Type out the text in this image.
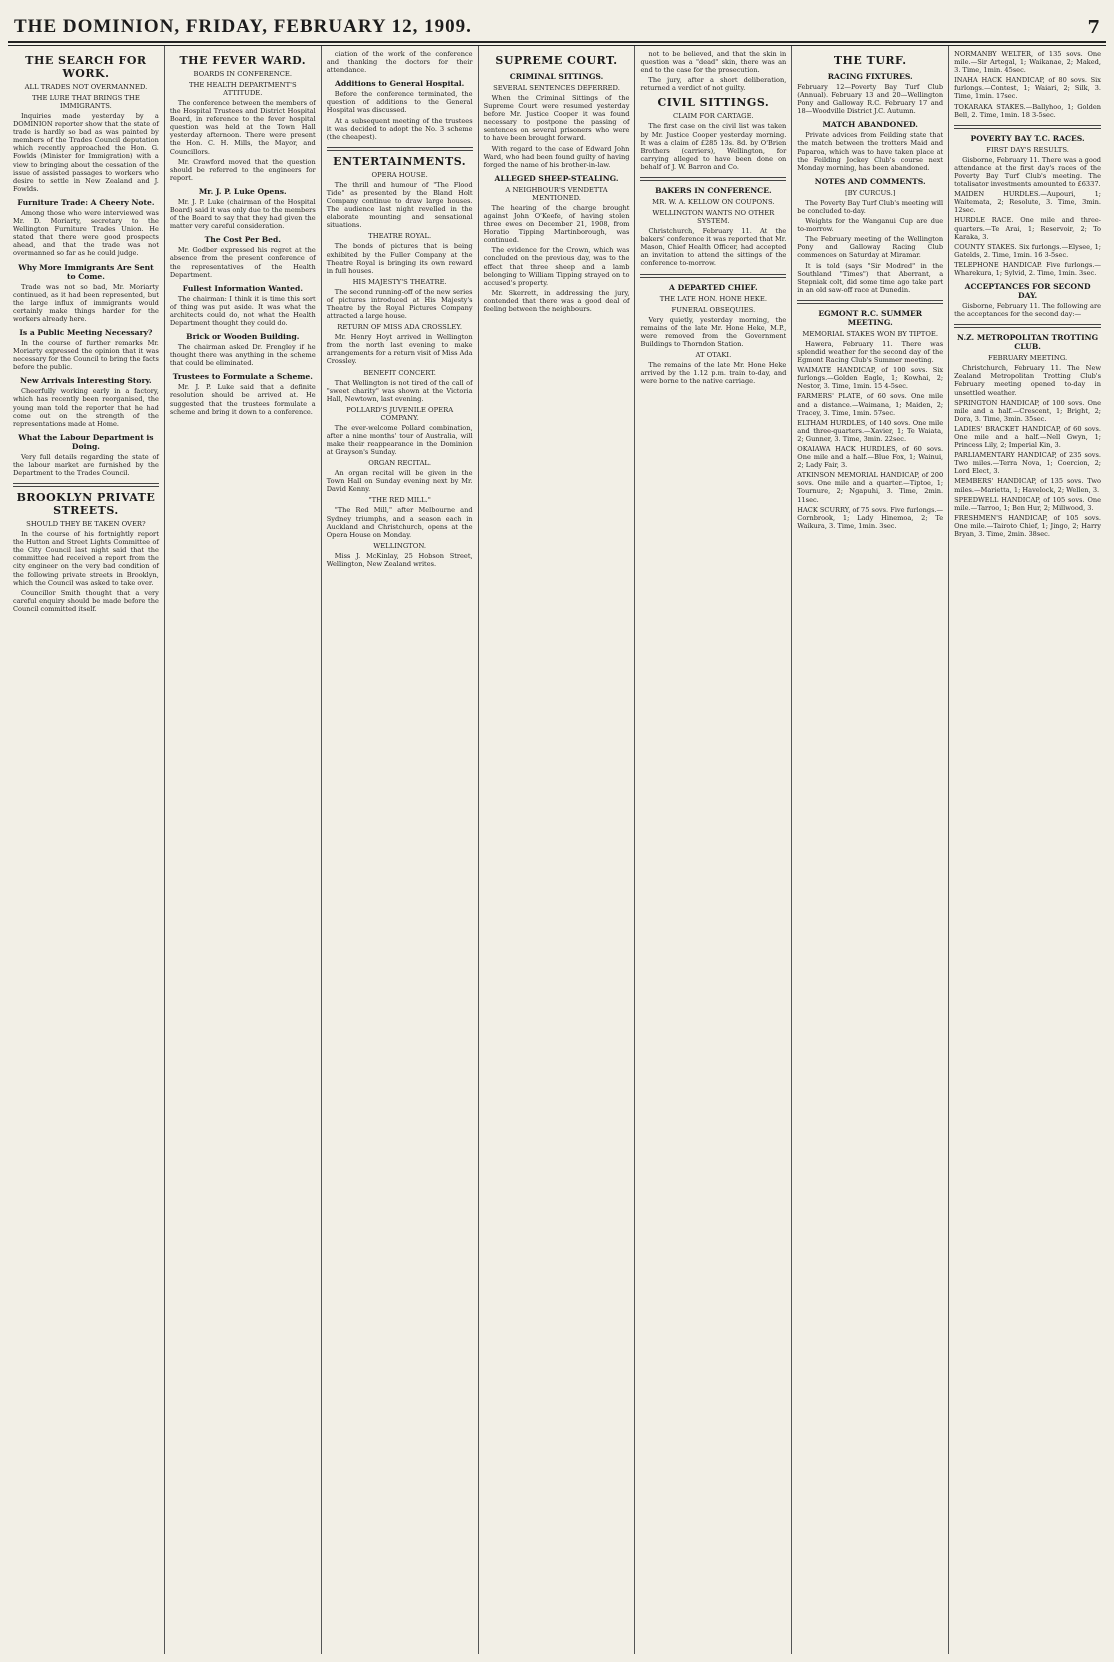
THE DOMINION, FRIDAY, FEBRUARY 12, 1909.	7
THE SEARCH FOR WORK.
ALL TRADES NOT OVERMANNED.
THE LURE THAT BRINGS THE IMMIGRANTS.

Inquiries made yesterday by a DOMINION reporter show that the state of trade is hardly so bad as was painted by members of the Trades Council deputation which recently approached the Hon. G. Fowlds (Minister for Immigration) with a view to bringing about the cessation of the issue of assisted passages to workers who desire to settle in New Zealand and J. Fowlds.

Furniture Trade: A Cheery Note.

Among those who were interviewed was Mr. D. Moriarty, secretary to the Wellington Furniture Trades Union. He stated that there were good prospects ahead, and that the trade was not overmanned so far as he could judge.

Why More Immigrants Are Sent to Come.

Trade was not so bad, Mr. Moriarty continued, as it had been represented, but the large influx of immigrants would certainly make things harder for the workers already here.

Is a Public Meeting Necessary?

In the course of further remarks Mr. Moriarty expressed the opinion that it was necessary for the Council to bring the facts before the public.

New Arrivals Interesting Story.

Cheerfully working early in a factory, which has recently been reorganised, the young man told the reporter that he had come out on the strength of the representations made at Home.

What the Labour Department is Doing.

Very full details regarding the state of the labour market are furnished by the Department to the Trades Council.

BROOKLYN PRIVATE STREETS.
SHOULD THEY BE TAKEN OVER?

In the course of his fortnightly report the Hutton and Street Lights Committee of the City Council last night said that the committee had received a report from the city engineer on the very bad condition of the following private streets in Brooklyn, which the Council was asked to take over.

Councillor Smith thought that a very careful enquiry should be made before the Council committed itself.

THE FEVER WARD.
BOARDS IN CONFERENCE.
THE HEALTH DEPARTMENT'S ATTITUDE.

The conference between the members of the Hospital Trustees and District Hospital Board, in reference to the fever hospital question was held at the Town Hall yesterday afternoon. There were present the Hon. C. H. Mills, the Mayor, and Councillors.

Mr. Crawford moved that the question should be referred to the engineers for report.

Mr. J. P. Luke Opens.

Mr. J. P. Luke (chairman of the Hospital Board) said it was only due to the members of the Board to say that they had given the matter very careful consideration.

The Cost Per Bed.

Mr. Godber expressed his regret at the absence from the present conference of the representatives of the Health Department.

Fullest Information Wanted.

The chairman: I think it is time this sort of thing was put aside. It was what the architects could do, not what the Health Department thought they could do.

Brick or Wooden Building.

The chairman asked Dr. Frengley if he thought there was anything in the scheme that could be eliminated.

Trustees to Formulate a Scheme.

Mr. J. P. Luke said that a definite resolution should be arrived at. He suggested that the trustees formulate a scheme and bring it down to a conference.

ciation of the work of the conference and thanking the doctors for their attendance.

Additions to General Hospital.

Before the conference terminated, the question of additions to the General Hospital was discussed.

At a subsequent meeting of the trustees it was decided to adopt the No. 3 scheme (the cheapest).

ENTERTAINMENTS.
OPERA HOUSE.

The thrill and humour of "The Flood Tide" as presented by the Bland Holt Company continue to draw large houses. The audience last night revelled in the elaborate mounting and sensational situations.

THEATRE ROYAL.

The bonds of pictures that is being exhibited by the Fuller Company at the Theatre Royal is bringing its own reward in full houses.

HIS MAJESTY'S THEATRE.

The second running-off of the new series of pictures introduced at His Majesty's Theatre by the Royal Pictures Company attracted a large house.

RETURN OF MISS ADA CROSSLEY.

Mr. Henry Hoyt arrived in Wellington from the north last evening to make arrangements for a return visit of Miss Ada Crossley.

BENEFIT CONCERT.

That Wellington is not tired of the call of "sweet charity" was shown at the Victoria Hall, Newtown, last evening.

POLLARD'S JUVENILE OPERA COMPANY.

The ever-welcome Pollard combination, after a nine months' tour of Australia, will make their reappearance in the Dominion at Grayson's Sunday.

ORGAN RECITAL.

An organ recital will be given in the Town Hall on Sunday evening next by Mr. David Kenny.

"THE RED MILL."

"The Red Mill," after Melbourne and Sydney triumphs, and a season each in Auckland and Christchurch, opens at the Opera House on Monday.

WELLINGTON.

Miss J. McKinlay, 25 Hobson Street, Wellington, New Zealand writes.

SUPREME COURT.
CRIMINAL SITTINGS.
SEVERAL SENTENCES DEFERRED.

When the Criminal Sittings of the Supreme Court were resumed yesterday before Mr. Justice Cooper it was found necessary to postpone the passing of sentences on several prisoners who were to have been brought forward.

With regard to the case of Edward John Ward, who had been found guilty of having forged the name of his brother-in-law.

ALLEGED SHEEP-STEALING.
A NEIGHBOUR'S VENDETTA MENTIONED.

The hearing of the charge brought against John O'Keefe, of having stolen three ewes on December 21, 1908, from Horatio Tipping Martinborough, was continued.

The evidence for the Crown, which was concluded on the previous day, was to the effect that three sheep and a lamb belonging to William Tipping strayed on to accused's property.

Mr. Skerrett, in addressing the jury, contended that there was a good deal of feeling between the neighbours.

not to be believed, and that the skin in question was a "dead" skin, there was an end to the case for the prosecution.

The jury, after a short deliberation, returned a verdict of not guilty.

CIVIL SITTINGS.
CLAIM FOR CARTAGE.

The first case on the civil list was taken by Mr. Justice Cooper yesterday morning. It was a claim of £285 13s. 8d. by O'Brien Brothers (carriers), Wellington, for carrying alleged to have been done on behalf of J. W. Barron and Co.

BAKERS IN CONFERENCE.
MR. W. A. KELLOW ON COUPONS.
WELLINGTON WANTS NO OTHER SYSTEM.

Christchurch, February 11. At the bakers' conference it was reported that Mr. Mason, Chief Health Officer, had accepted an invitation to attend the sittings of the conference to-morrow.

A DEPARTED CHIEF.
THE LATE HON. HONE HEKE.
FUNERAL OBSEQUIES.

Very quietly, yesterday morning, the remains of the late Mr. Hone Heke, M.P., were removed from the Government Buildings to Thorndon Station.

AT OTAKI.

The remains of the late Mr. Hone Heke arrived by the 1.12 p.m. train to-day, and were borne to the native carriage.

THE TURF.
RACING FIXTURES.

February 12—Poverty Bay Turf Club (Annual). February 13 and 20—Wellington Pony and Galloway R.C. February 17 and 18—Woodville District J.C. Autumn.

MATCH ABANDONED.

Private advices from Feilding state that the match between the trotters Maid and Paparoa, which was to have taken place at the Feilding Jockey Club's course next Monday morning, has been abandoned.

NOTES AND COMMENTS.
[BY CURCUS.]

The Poverty Bay Turf Club's meeting will be concluded to-day.

Weights for the Wanganui Cup are due to-morrow.

The February meeting of the Wellington Pony and Galloway Racing Club commences on Saturday at Miramar.

It is told (says "Sir Modred" in the Southland "Times") that Aberrant, a Stepniak colt, did some time ago take part in an old saw-off race at Dunedin.

EGMONT R.C. SUMMER MEETING.
MEMORIAL STAKES WON BY TIPTOE.

Hawera, February 11. There was splendid weather for the second day of the Egmont Racing Club's Summer meeting.

WAIMATE HANDICAP, of 100 sovs. Six furlongs.—Golden Eagle, 1; Kowhai, 2; Nestor, 3. Time, 1min. 15 4-5sec.

FARMERS' PLATE, of 60 sovs. One mile and a distance.—Waimana, 1; Maiden, 2; Tracey, 3. Time, 1min. 57sec.

ELTHAM HURDLES, of 140 sovs. One mile and three-quarters.—Xavier, 1; Te Waiata, 2; Gunner, 3. Time, 3min. 22sec.

OKAIAWA HACK HURDLES, of 60 sovs. One mile and a half.—Blue Fox, 1; Wainui, 2; Lady Fair, 3.

ATKINSON MEMORIAL HANDICAP, of 200 sovs. One mile and a quarter.—Tiptoe, 1; Tournure, 2; Ngapuhi, 3. Time, 2min. 11sec.

HACK SCURRY, of 75 sovs. Five furlongs.—Cornbrook, 1; Lady Hinemoa, 2; Te Waikura, 3. Time, 1min. 3sec.

NORMANBY WELTER, of 135 sovs. One mile.—Sir Artegal, 1; Waikanae, 2; Maked, 3. Time, 1min. 45sec.

INAHA HACK HANDICAP, of 80 sovs. Six furlongs.—Contest, 1; Waiari, 2; Silk, 3. Time, 1min. 17sec.

TOKARAKA STAKES.—Ballyhoo, 1; Golden Bell, 2. Time, 1min. 18 3-5sec.

POVERTY BAY T.C. RACES.
FIRST DAY'S RESULTS.

Gisborne, February 11. There was a good attendance at the first day's races of the Poverty Bay Turf Club's meeting. The totalisator investments amounted to £6337.

MAIDEN HURDLES.—Aupouri, 1; Waitemata, 2; Resolute, 3. Time, 3min. 12sec.

HURDLE RACE. One mile and three-quarters.—Te Arai, 1; Reservoir, 2; To Karaka, 3.

COUNTY STAKES. Six furlongs.—Elysee, 1; Gatelds, 2. Time, 1min. 16 3-5sec.

TELEPHONE HANDICAP. Five furlongs.—Wharekura, 1; Sylvid, 2. Time, 1min. 3sec.

ACCEPTANCES FOR SECOND DAY.

Gisborne, February 11. The following are the acceptances for the second day:—

N.Z. METROPOLITAN TROTTING CLUB.
FEBRUARY MEETING.

Christchurch, February 11. The New Zealand Metropolitan Trotting Club's February meeting opened to-day in unsettled weather.

SPRINGTON HANDICAP, of 100 sovs. One mile and a half.—Crescent, 1; Bright, 2; Dora, 3. Time, 3min. 35sec.

LADIES' BRACKET HANDICAP, of 60 sovs. One mile and a half.—Nell Gwyn, 1; Princess Lily, 2; Imperial Kin, 3.

PARLIAMENTARY HANDICAP, of 235 sovs. Two miles.—Terra Nova, 1; Coercion, 2; Lord Elect, 3.

MEMBERS' HANDICAP, of 135 sovs. Two miles.—Marietta, 1; Havelock, 2; Wellen, 3.

SPEEDWELL HANDICAP, of 105 sovs. One mile.—Tarroo, 1; Ben Hur, 2; Millwood, 3.

FRESHMEN'S HANDICAP, of 105 sovs. One mile.—Tairoto Chief, 1; Jingo, 2; Harry Bryan, 3. Time, 2min. 38sec.
